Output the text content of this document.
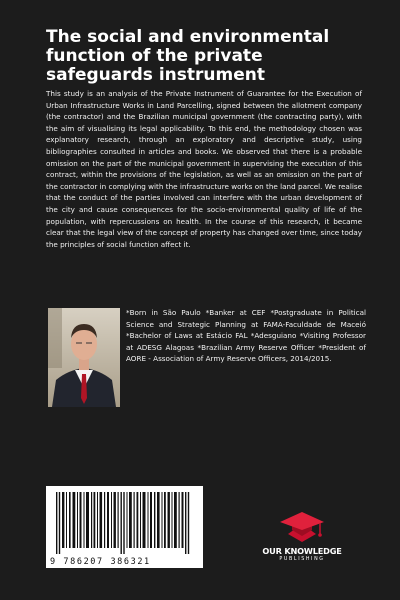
The social and environmental function of the private safeguards instrument

This study is an analysis of the Private Instrument of Guarantee for the Execution of Urban Infrastructure Works in Land Parcelling, signed between the allotment company (the contractor) and the Brazilian municipal government (the contracting party), with the aim of visualising its legal applicability. To this end, the methodology chosen was explanatory research, through an exploratory and descriptive study, using bibliographies consulted in articles and books. We observed that there is a probable omission on the part of the municipal government in supervising the execution of this contract, within the provisions of the legislation, as well as an omission on the part of the contractor in complying with the infrastructure works on the land parcel. We realise that the conduct of the parties involved can interfere with the urban development of the city and cause consequences for the socio-environmental quality of life of the population, with repercussions on health. In the course of this research, it became clear that the legal view of the concept of property has changed over time, since today the principles of social function affect it.

*Born in São Paulo *Banker at CEF *Postgraduate in Political Science and Strategic Planning at FAMA-Faculdade de Maceió *Bachelor of Laws at Estácio FAL *Adesguiano *Visiting Professor at ADESG Alagoas *Brazilian Army Reserve Officer *President of AORE - Association of Army Reserve Officers, 2014/2015.

9 786207 386321
OUR KNOWLEDGE
PUBLISHING
